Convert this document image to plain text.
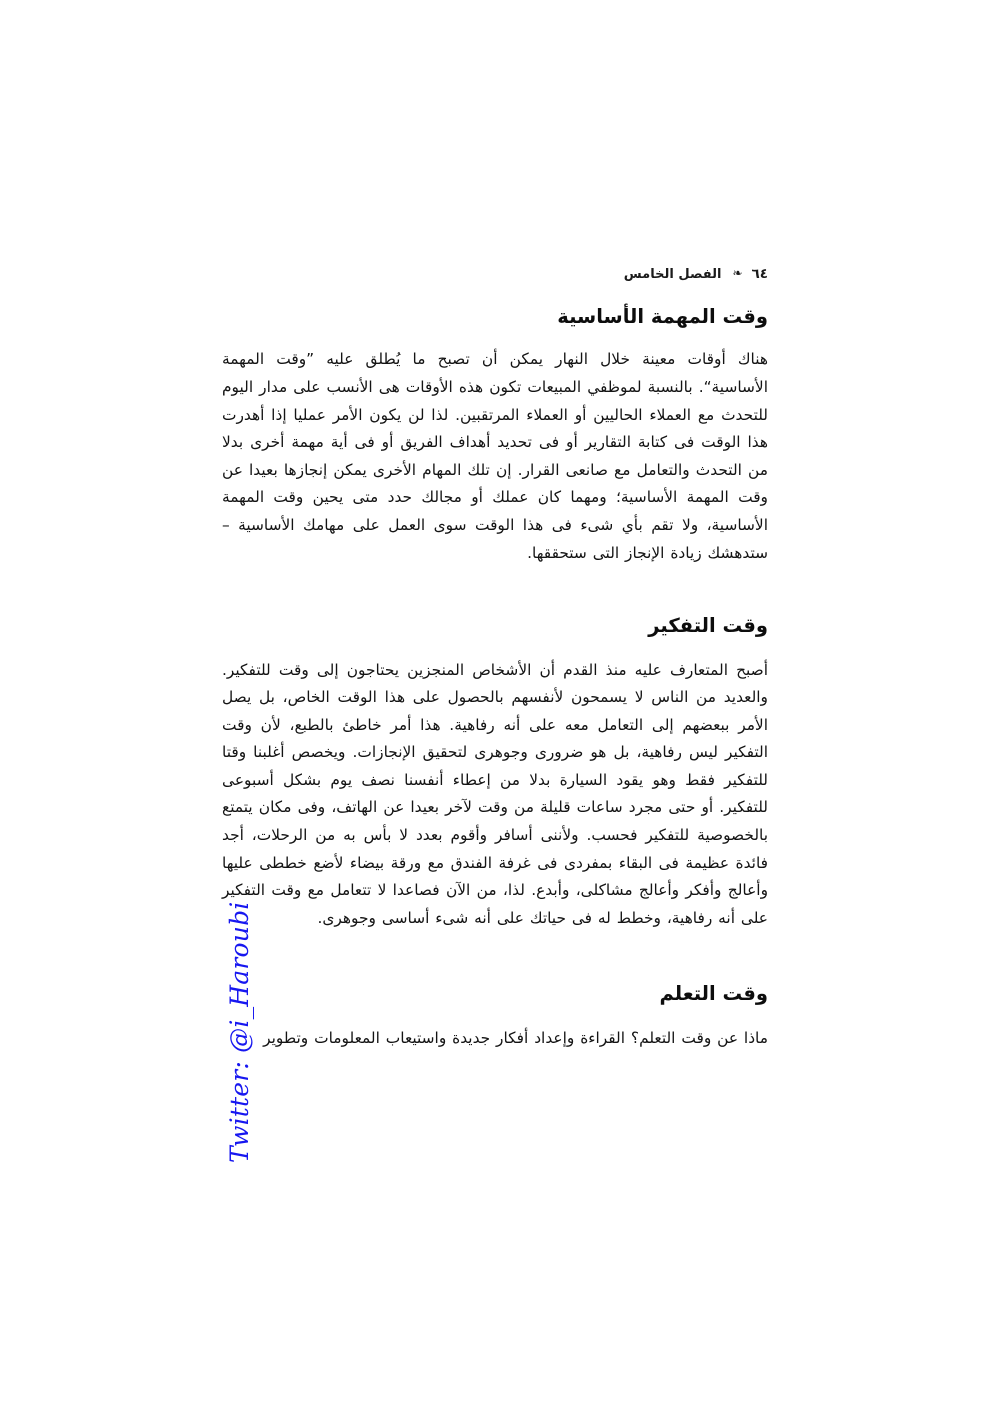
٦٤❧الفصل الخامس
وقت المهمة الأساسية

هناك أوقات معينة خلال النهار يمكن أن تصبح ما يُطلق عليه ”وقت المهمة الأساسية“. بالنسبة لموظفي المبيعات تكون هذه الأوقات هى الأنسب على مدار اليوم للتحدث مع العملاء الحاليين أو العملاء المرتقبين. لذا لن يكون الأمر عمليا إذا أهدرت هذا الوقت فى كتابة التقارير أو فى تحديد أهداف الفريق أو فى أية مهمة أخرى بدلا من التحدث والتعامل مع صانعى القرار. إن تلك المهام الأخرى يمكن إنجازها بعيدا عن وقت المهمة الأساسية؛ ومهما كان عملك أو مجالك حدد متى يحين وقت المهمة الأساسية، ولا تقم بأي شىء فى هذا الوقت سوى العمل على مهامك الأساسية – ستدهشك زيادة الإنجاز التى ستحققها.

وقت التفكير

أصبح المتعارف عليه منذ القدم أن الأشخاص المنجزين يحتاجون إلى وقت للتفكير. والعديد من الناس لا يسمحون لأنفسهم بالحصول على هذا الوقت الخاص، بل يصل الأمر ببعضهم إلى التعامل معه على أنه رفاهية. هذا أمر خاطئ بالطبع، لأن وقت التفكير ليس رفاهية، بل هو ضرورى وجوهرى لتحقيق الإنجازات. ويخصص أغلبنا وقتا للتفكير فقط وهو يقود السيارة بدلا من إعطاء أنفسنا نصف يوم بشكل أسبوعى للتفكير. أو حتى مجرد ساعات قليلة من وقت لآخر بعيدا عن الهاتف، وفى مكان يتمتع بالخصوصية للتفكير فحسب. ولأننى أسافر وأقوم بعدد لا بأس به من الرحلات، أجد فائدة عظيمة فى البقاء بمفردى فى غرفة الفندق مع ورقة بيضاء لأضع خططى عليها وأعالج وأفكر وأعالج مشاكلى، وأبدع. لذا، من الآن فصاعدا لا تتعامل مع وقت التفكير على أنه رفاهية، وخطط له فى حياتك على أنه شىء أساسى وجوهرى.

وقت التعلم

ماذا عن وقت التعلم؟ القراءة وإعداد أفكار جديدة واستيعاب المعلومات وتطوير

Twitter: @i_Haroubi
